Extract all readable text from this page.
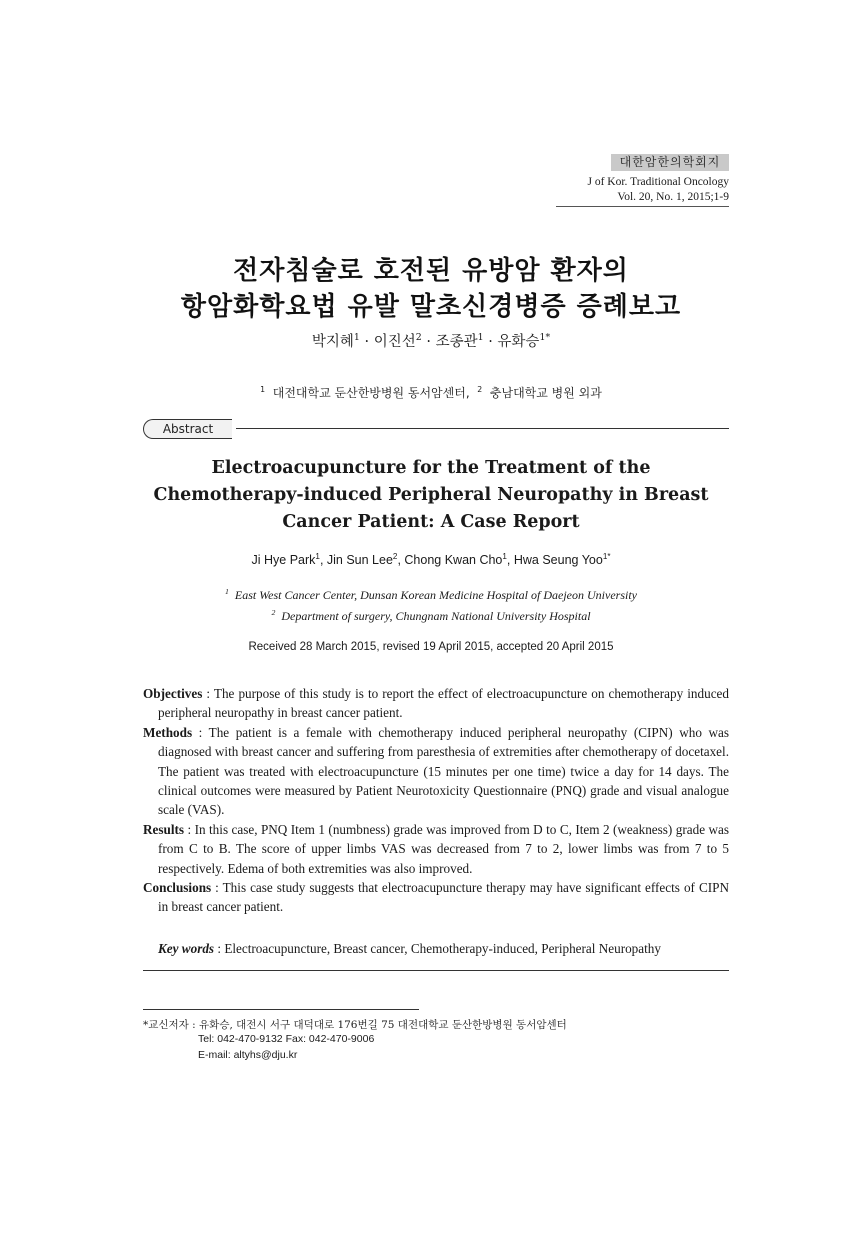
대한암한의학회지
J of Kor. Traditional Oncology
Vol. 20, No. 1, 2015;1-9
전자침술로 호전된 유방암 환자의
항암화학요법 유발 말초신경병증 증례보고
박지혜$^1$ · 이진선$^2$ · 조종관$^1$ · 유화승$^{1*}$
$^1$ 대전대학교 둔산한방병원 동서암센터, $^2$ 충남대학교 병원 외과
Abstract
Electroacupuncture for the Treatment of the
Chemotherapy-induced Peripheral Neuropathy in Breast
Cancer Patient: A Case Report
Ji Hye Park$^1$, Jin Sun Lee$^2$, Chong Kwan Cho$^1$, Hwa Seung Yoo$^{1*}$
$^1$ East West Cancer Center, Dunsan Korean Medicine Hospital of Daejeon University
$^2$ Department of surgery, Chungnam National University Hospital
Received 28 March 2015, revised 19 April 2015, accepted 20 April 2015

Objectives : The purpose of this study is to report the effect of electroacupuncture on chemotherapy induced peripheral neuropathy in breast cancer patient.

Methods : The patient is a female with chemotherapy induced peripheral neuropathy (CIPN) who was diagnosed with breast cancer and suffering from paresthesia of extremities after chemotherapy of docetaxel. The patient was treated with electroacupuncture (15 minutes per one time) twice a day for 14 days. The clinical outcomes were measured by Patient Neurotoxicity Questionnaire (PNQ) grade and visual analogue scale (VAS).

Results : In this case, PNQ Item 1 (numbness) grade was improved from D to C, Item 2 (weakness) grade was from C to B. The score of upper limbs VAS was decreased from 7 to 2, lower limbs was from 7 to 5 respectively. Edema of both extremities was also improved.

Conclusions : This case study suggests that electroacupuncture therapy may have significant effects of CIPN in breast cancer patient.

Key words : Electroacupuncture, Breast cancer, Chemotherapy-induced, Peripheral Neuropathy
*교신저자 : 유화승, 대전시 서구 대덕대로 176번길 75 대전대학교 둔산한방병원 동서암센터
Tel: 042-470-9132 Fax: 042-470-9006
E-mail: altyhs@dju.kr
